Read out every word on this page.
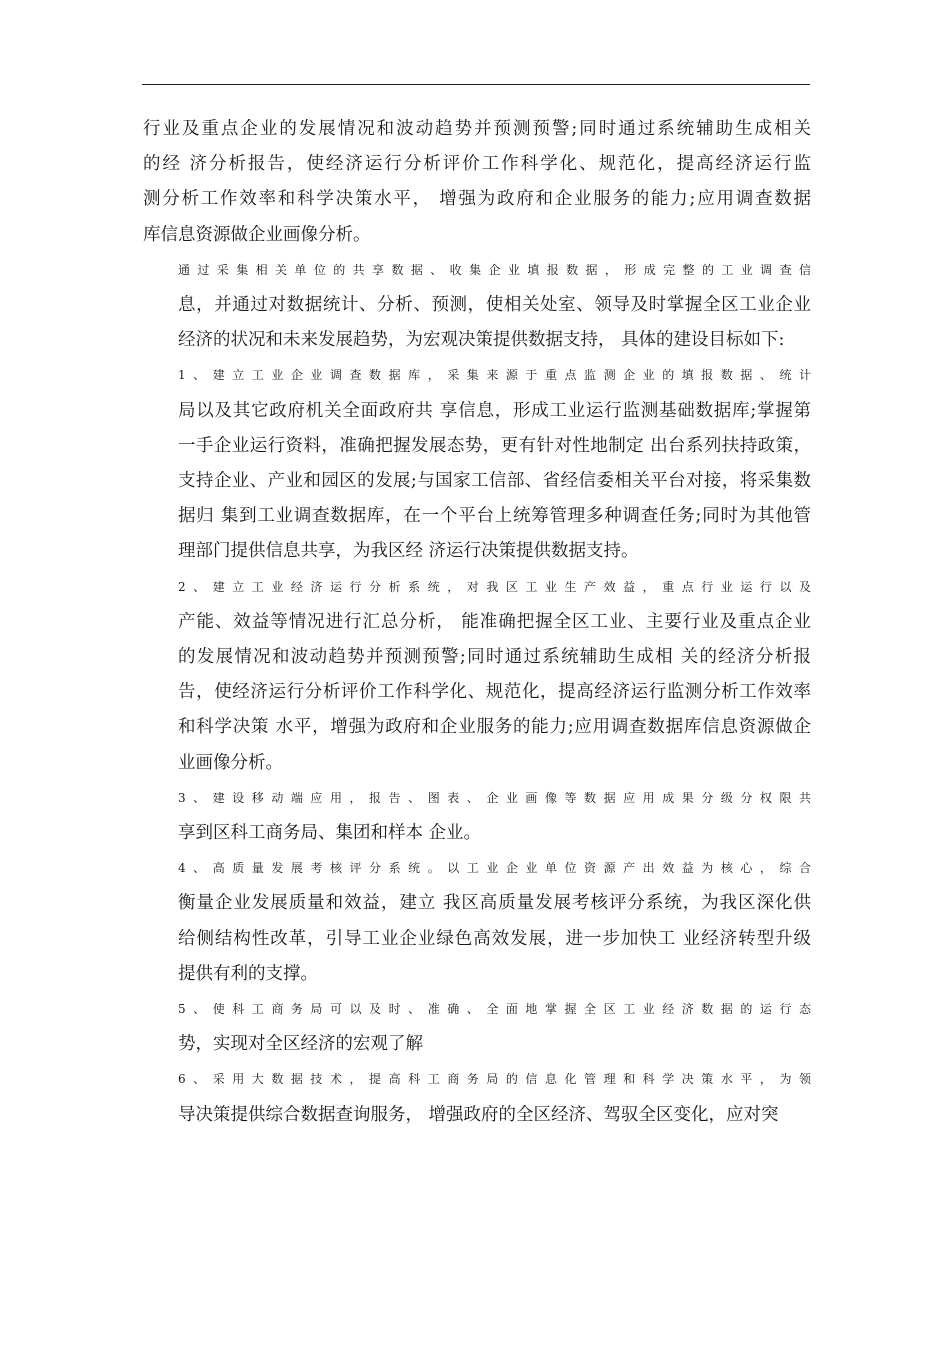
行业及重点企业的发展情况和波动趋势并预测预警;同时通过系统辅助生成相关
的经 济分析报告，使经济运行分析评价工作科学化、规范化，提高经济运行监
测分析工作效率和科学决策水平， 增强为政府和企业服务的能力;应用调查数据
库信息资源做企业画像分析。

通过采集相关单位的共享数据、收集企业填报数据，形成完整的工业调查信
息，并通过对数据统计、分析、预测，使相关处室、领导及时掌握全区工业企业
经济的状况和未来发展趋势，为宏观决策提供数据支持， 具体的建设目标如下:

1、建立工业企业调查数据库，采集来源于重点监测企业的填报数据、统计
局以及其它政府机关全面政府共 享信息，形成工业运行监测基础数据库;掌握第
一手企业运行资料，准确把握发展态势，更有针对性地制定 出台系列扶持政策，
支持企业、产业和园区的发展;与国家工信部、省经信委相关平台对接，将采集数
据归 集到工业调查数据库，在一个平台上统筹管理多种调查任务;同时为其他管
理部门提供信息共享，为我区经 济运行决策提供数据支持。

2、建立工业经济运行分析系统，对我区工业生产效益，重点行业运行以及
产能、效益等情况进行汇总分析， 能准确把握全区工业、主要行业及重点企业
的发展情况和波动趋势并预测预警;同时通过系统辅助生成相 关的经济分析报
告，使经济运行分析评价工作科学化、规范化，提高经济运行监测分析工作效率
和科学决策 水平，增强为政府和企业服务的能力;应用调查数据库信息资源做企
业画像分析。

3、建设移动端应用，报告、图表、企业画像等数据应用成果分级分权限共
享到区科工商务局、集团和样本 企业。

4、高质量发展考核评分系统。以工业企业单位资源产出效益为核心，综合
衡量企业发展质量和效益，建立 我区高质量发展考核评分系统，为我区深化供
给侧结构性改革，引导工业企业绿色高效发展，进一步加快工 业经济转型升级
提供有利的支撑。

5、使科工商务局可以及时、准确、全面地掌握全区工业经济数据的运行态
势，实现对全区经济的宏观了解

6、采用大数据技术，提高科工商务局的信息化管理和科学决策水平，为领
导决策提供综合数据查询服务， 增强政府的全区经济、驾驭全区变化，应对突
